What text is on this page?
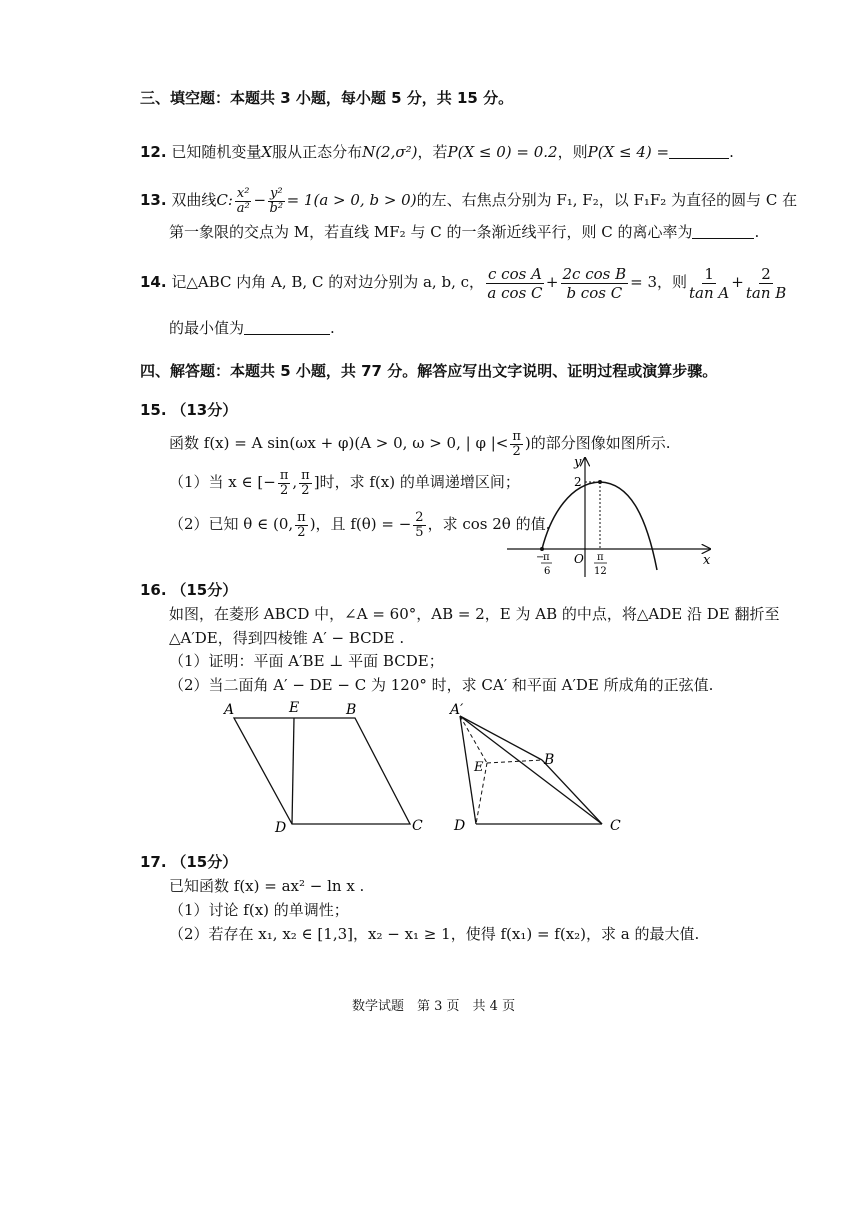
三、填空题：本题共 3 小题，每小题 5 分，共 15 分。
12. 已知随机变量X服从正态分布N(2,σ²)，若P(X ≤ 0) = 0.2，则P(X ≤ 4) =	.
13. 双曲线C: $\frac{\text{x²}}{\text{a²}} - \frac{\text{y²}}{\text{b²}} = 1(a > 0$, b > 0)的左、右焦点分别为 F₁, F₂，以 F₁F₂ 为直径的圆与 C 在
第一象限的交点为 M，若直线 MF₂ 与 C 的一条渐近线平行，则 C 的离心率为	.
14. 记△ABC 内角 A, B, C 的对边分别为 a, b, c， $\frac{\text{c cos A}}{\text{a cos C}} + \frac{\text{2c cos B}}{\text{b cos C}} = 3$，则 $\frac{1}{\text{tan A}} + \frac{2}{\text{tan B}}$
的最小值为	.
四、解答题：本题共 5 小题，共 77 分。解答应写出文字说明、证明过程或演算步骤。
15. （13分）
函数 f(x) = A sin(ωx + φ)(A > 0, ω > 0, | φ |< $\frac{\pi}{2}$ )的部分图像如图所示.
（1）当 x ∈ [− $\frac{\pi}{2}$ , $\frac{\pi}{2}$ ]时，求 f(x) 的单调递增区间；
（2）已知 θ ∈ (0, $\frac{\pi}{2}$ )，且 f(θ) = − $\frac{2}{5}$ ，求 cos 2θ 的值.
y
x
O
2
−
π
6
π
12
16. （15分）
如图，在菱形 ABCD 中，∠A = 60°，AB = 2，E 为 AB 的中点，将△ADE 沿 DE 翻折至
△A′DE，得到四棱锥 A′ − BCDE .
（1）证明：平面 A′BE ⊥ 平面 BCDE；
（2）当二面角 A′ − DE − C 为 120° 时，求 CA′ 和平面 A′DE 所成角的正弦值.
A	E	B
D	C
A′
E	B
D	C
17. （15分）
已知函数 f(x) = ax² − ln x .
（1）讨论 f(x) 的单调性；
（2）若存在 x₁, x₂ ∈ [1,3]，x₂ − x₁ ≥ 1，使得 f(x₁) = f(x₂)，求 a 的最大值.
数学试题　第 3 页　共 4 页
